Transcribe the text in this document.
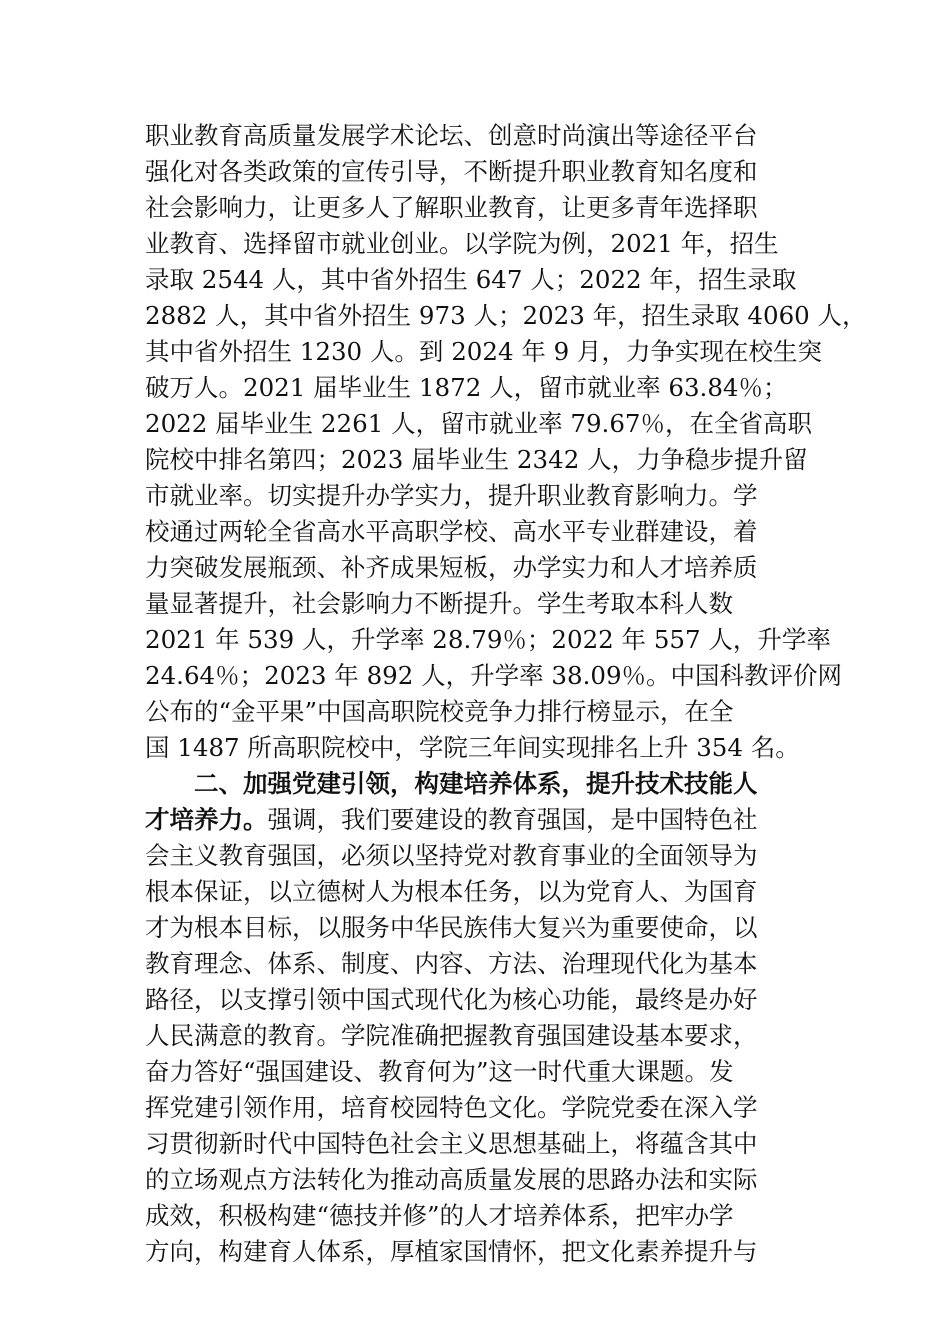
职业教育高质量发展学术论坛、创意时尚演出等途径平台
强化对各类政策的宣传引导，不断提升职业教育知名度和
社会影响力，让更多人了解职业教育，让更多青年选择职
业教育、选择留市就业创业。以学院为例，2021 年，招生
录取 2544 人，其中省外招生 647 人；2022 年，招生录取
2882 人，其中省外招生 973 人；2023 年，招生录取 4060 人，
其中省外招生 1230 人。到 2024 年 9 月，力争实现在校生突
破万人。2021 届毕业生 1872 人，留市就业率 63.84％；
2022 届毕业生 2261 人，留市就业率 79.67％，在全省高职
院校中排名第四；2023 届毕业生 2342 人，力争稳步提升留
市就业率。切实提升办学实力，提升职业教育影响力。学
校通过两轮全省高水平高职学校、高水平专业群建设，着
力突破发展瓶颈、补齐成果短板，办学实力和人才培养质
量显著提升，社会影响力不断提升。学生考取本科人数
2021 年 539 人，升学率 28.79％；2022 年 557 人，升学率
24.64％；2023 年 892 人，升学率 38.09％。中国科教评价网
公布的“金平果”中国高职院校竞争力排行榜显示，在全
国 1487 所高职院校中，学院三年间实现排名上升 354 名。
二、加强党建引领，构建培养体系，提升技术技能人
才培养力。强调，我们要建设的教育强国，是中国特色社
会主义教育强国，必须以坚持党对教育事业的全面领导为
根本保证，以立德树人为根本任务，以为党育人、为国育
才为根本目标，以服务中华民族伟大复兴为重要使命，以
教育理念、体系、制度、内容、方法、治理现代化为基本
路径，以支撑引领中国式现代化为核心功能，最终是办好
人民满意的教育。学院准确把握教育强国建设基本要求，
奋力答好“强国建设、教育何为”这一时代重大课题。发
挥党建引领作用，培育校园特色文化。学院党委在深入学
习贯彻新时代中国特色社会主义思想基础上，将蕴含其中
的立场观点方法转化为推动高质量发展的思路办法和实际
成效，积极构建“德技并修”的人才培养体系，把牢办学
方向，构建育人体系，厚植家国情怀，把文化素养提升与
